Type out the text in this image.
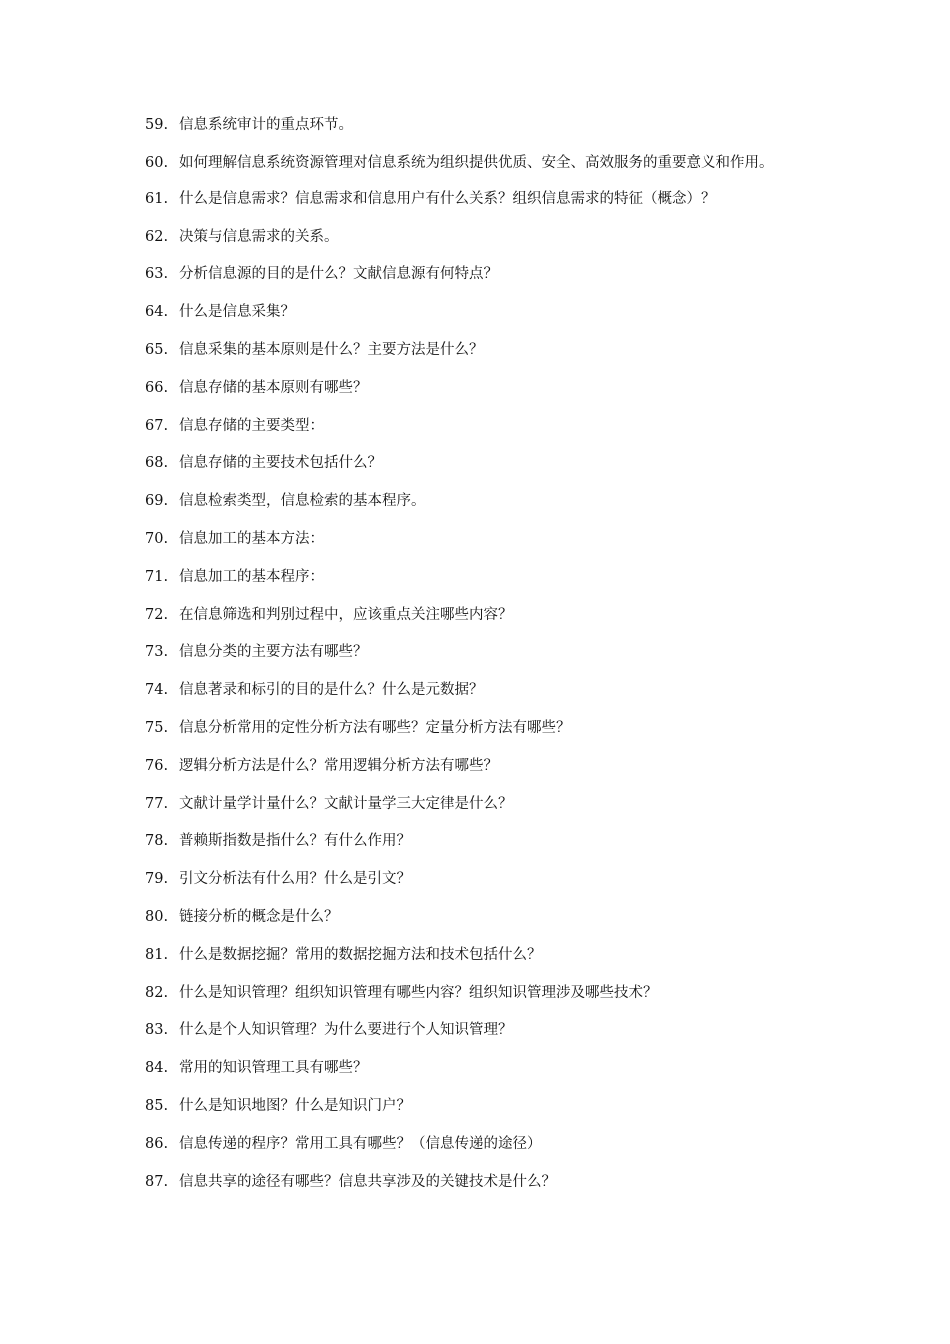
59. 信息系统审计的重点环节。
60. 如何理解信息系统资源管理对信息系统为组织提供优质、安全、高效服务的重要意义和作用。
61. 什么是信息需求？信息需求和信息用户有什么关系？组织信息需求的特征（概念）？
62. 决策与信息需求的关系。
63. 分析信息源的目的是什么？文献信息源有何特点？
64. 什么是信息采集？
65. 信息采集的基本原则是什么？主要方法是什么？
66. 信息存储的基本原则有哪些？
67. 信息存储的主要类型：
68. 信息存储的主要技术包括什么？
69. 信息检索类型，信息检索的基本程序。
70. 信息加工的基本方法：
71. 信息加工的基本程序：
72. 在信息筛选和判别过程中，应该重点关注哪些内容？
73. 信息分类的主要方法有哪些？
74. 信息著录和标引的目的是什么？什么是元数据？
75. 信息分析常用的定性分析方法有哪些？定量分析方法有哪些？
76. 逻辑分析方法是什么？常用逻辑分析方法有哪些？
77. 文献计量学计量什么？文献计量学三大定律是什么？
78. 普赖斯指数是指什么？有什么作用？
79. 引文分析法有什么用？什么是引文？
80. 链接分析的概念是什么？
81. 什么是数据挖掘？常用的数据挖掘方法和技术包括什么？
82. 什么是知识管理？组织知识管理有哪些内容？组织知识管理涉及哪些技术？
83. 什么是个人知识管理？为什么要进行个人知识管理？
84. 常用的知识管理工具有哪些？
85. 什么是知识地图？什么是知识门户？
86. 信息传递的程序？常用工具有哪些？（信息传递的途径）
87. 信息共享的途径有哪些？信息共享涉及的关键技术是什么？
